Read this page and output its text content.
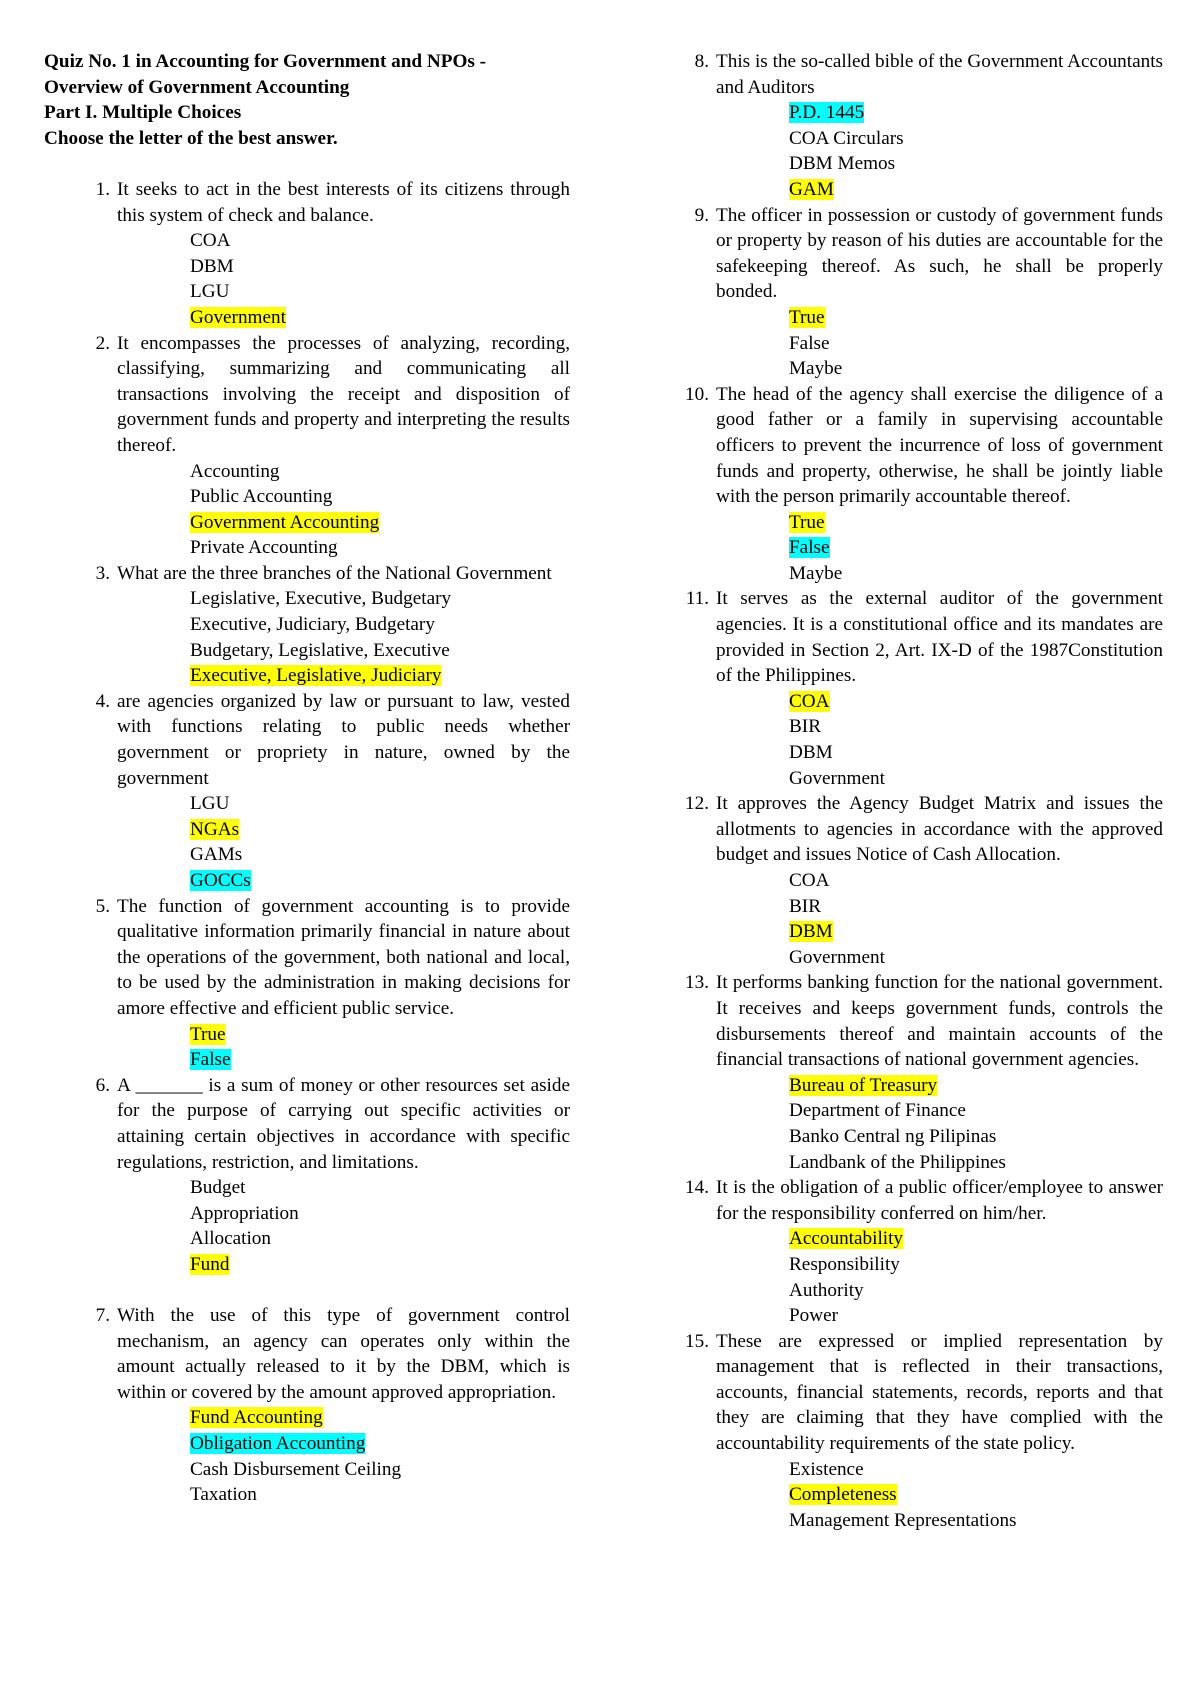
Quiz No. 1 in Accounting for Government and NPOs -
Overview of Government Accounting
Part I. Multiple Choices
Choose the letter of the best answer.
1. It seeks to act in the best interests of its citizens through this system of check and balance.
COA
DBM
LGU
Government
2. It encompasses the processes of analyzing, recording, classifying, summarizing and communicating all transactions involving the receipt and disposition of government funds and property and interpreting the results thereof.
Accounting
Public Accounting
Government Accounting
Private Accounting
3. What are the three branches of the National Government
Legislative, Executive, Budgetary
Executive, Judiciary, Budgetary
Budgetary, Legislative, Executive
Executive, Legislative, Judiciary
4. are agencies organized by law or pursuant to law, vested with functions relating to public needs whether government or propriety in nature, owned by the government
LGU
NGAs
GAMs
GOCCs
5. The function of government accounting is to provide qualitative information primarily financial in nature about the operations of the government, both national and local, to be used by the administration in making decisions for amore effective and efficient public service.
True
False
6. A _______ is a sum of money or other resources set aside for the purpose of carrying out specific activities or attaining certain objectives in accordance with specific regulations, restriction, and limitations.
Budget
Appropriation
Allocation
Fund
7. With the use of this type of government control mechanism, an agency can operates only within the amount actually released to it by the DBM, which is within or covered by the amount approved appropriation.
Fund Accounting
Obligation Accounting
Cash Disbursement Ceiling
Taxation
8. This is the so-called bible of the Government Accountants and Auditors
P.D. 1445
COA Circulars
DBM Memos
GAM
9. The officer in possession or custody of government funds or property by reason of his duties are accountable for the safekeeping thereof. As such, he shall be properly bonded.
True
False
Maybe
10. The head of the agency shall exercise the diligence of a good father or a family in supervising accountable officers to prevent the incurrence of loss of government funds and property, otherwise, he shall be jointly liable with the person primarily accountable thereof.
True
False
Maybe
11. It serves as the external auditor of the government agencies. It is a constitutional office and its mandates are provided in Section 2, Art. IX-D of the 1987Constitution of the Philippines.
COA
BIR
DBM
Government
12. It approves the Agency Budget Matrix and issues the allotments to agencies in accordance with the approved budget and issues Notice of Cash Allocation.
COA
BIR
DBM
Government
13. It performs banking function for the national government. It receives and keeps government funds, controls the disbursements thereof and maintain accounts of the financial transactions of national government agencies.
Bureau of Treasury
Department of Finance
Banko Central ng Pilipinas
Landbank of the Philippines
14. It is the obligation of a public officer/employee to answer for the responsibility conferred on him/her.
Accountability
Responsibility
Authority
Power
15. These are expressed or implied representation by management that is reflected in their transactions, accounts, financial statements, records, reports and that they are claiming that they have complied with the accountability requirements of the state policy.
Existence
Completeness
Management Representations
